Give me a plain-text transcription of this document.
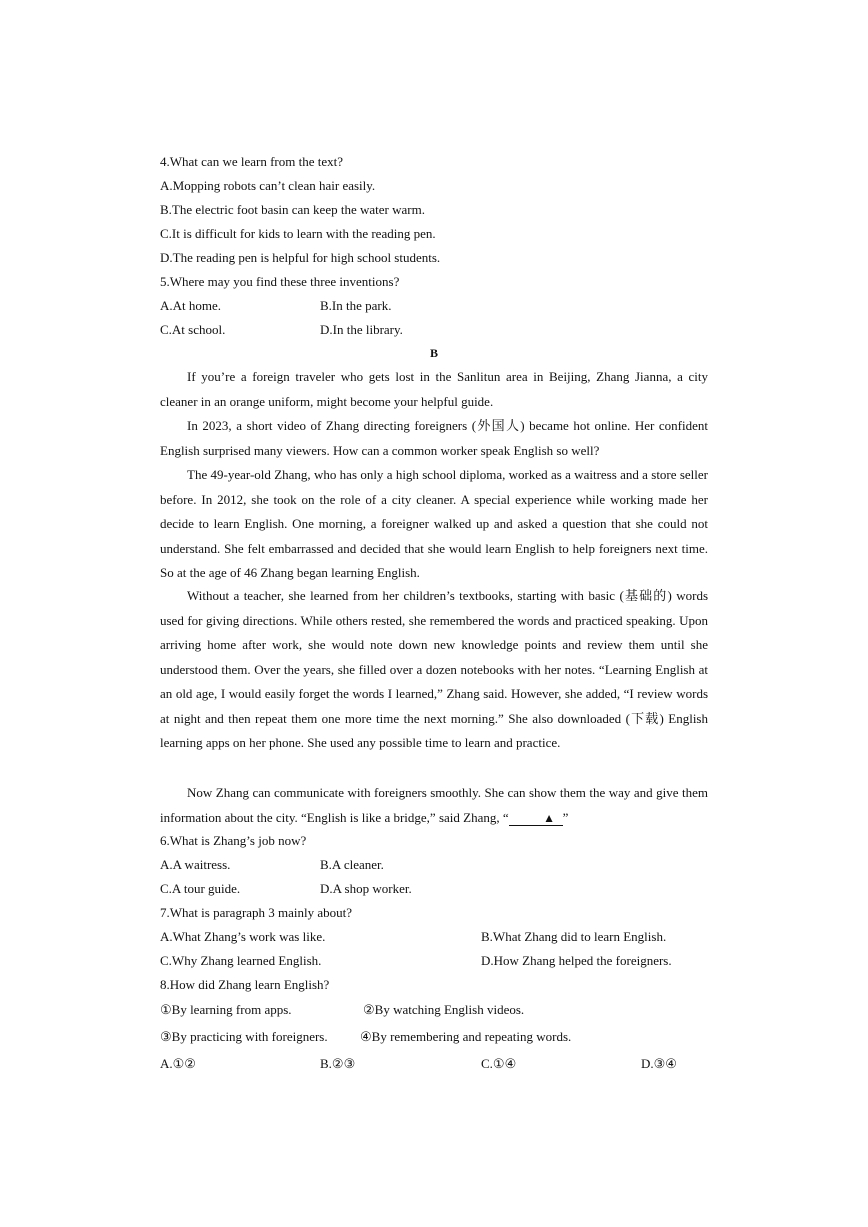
4.What can we learn from the text?
A.Mopping robots can’t clean hair easily.
B.The electric foot basin can keep the water warm.
C.It is difficult for kids to learn with the reading pen.
D.The reading pen is helpful for high school students.
5.Where may you find these three inventions?
A.At home.	B.In the park.
C.At school.	D.In the library.
B

If you’re a foreign traveler who gets lost in the Sanlitun area in Beijing, Zhang Jianna, a city cleaner in an orange uniform, might become your helpful guide.

In 2023, a short video of Zhang directing foreigners (外国人) became hot online. Her confident English surprised many viewers. How can a common worker speak English so well?

The 49-year-old Zhang, who has only a high school diploma, worked as a waitress and a store seller before. In 2012, she took on the role of a city cleaner. A special experience while working made her decide to learn English. One morning, a foreigner walked up and asked a question that she could not understand. She felt embarrassed and decided that she would learn English to help foreigners next time. So at the age of 46 Zhang began learning English.

Without a teacher, she learned from her children’s textbooks, starting with basic (基础的) words used for giving directions. While others rested, she remembered the words and practiced speaking. Upon arriving home after work, she would note down new knowledge points and review them until she understood them. Over the years, she filled over a dozen notebooks with her notes. “Learning English at an old age, I would easily forget the words I learned,” Zhang said. However, she added, “I review words at night and then repeat them one more time the next morning.” She also downloaded (下载) English learning apps on her phone. She used any possible time to learn and practice.

Now Zhang can communicate with foreigners smoothly. She can show them the way and give them information about the city. “English is like a bridge,” said Zhang, “	▲ ”

6.What is Zhang’s job now?
A.A waitress.	B.A cleaner.
C.A tour guide.	D.A shop worker.
7.What is paragraph 3 mainly about?
A.What Zhang’s work was like.	B.What Zhang did to learn English.
C.Why Zhang learned English.	D.How Zhang helped the foreigners.
8.How did Zhang learn English?
①By learning from apps.	②By watching English videos.
③By practicing with foreigners. ④By remembering and repeating words.
A.①②	B.②③	C.①④	D.③④
